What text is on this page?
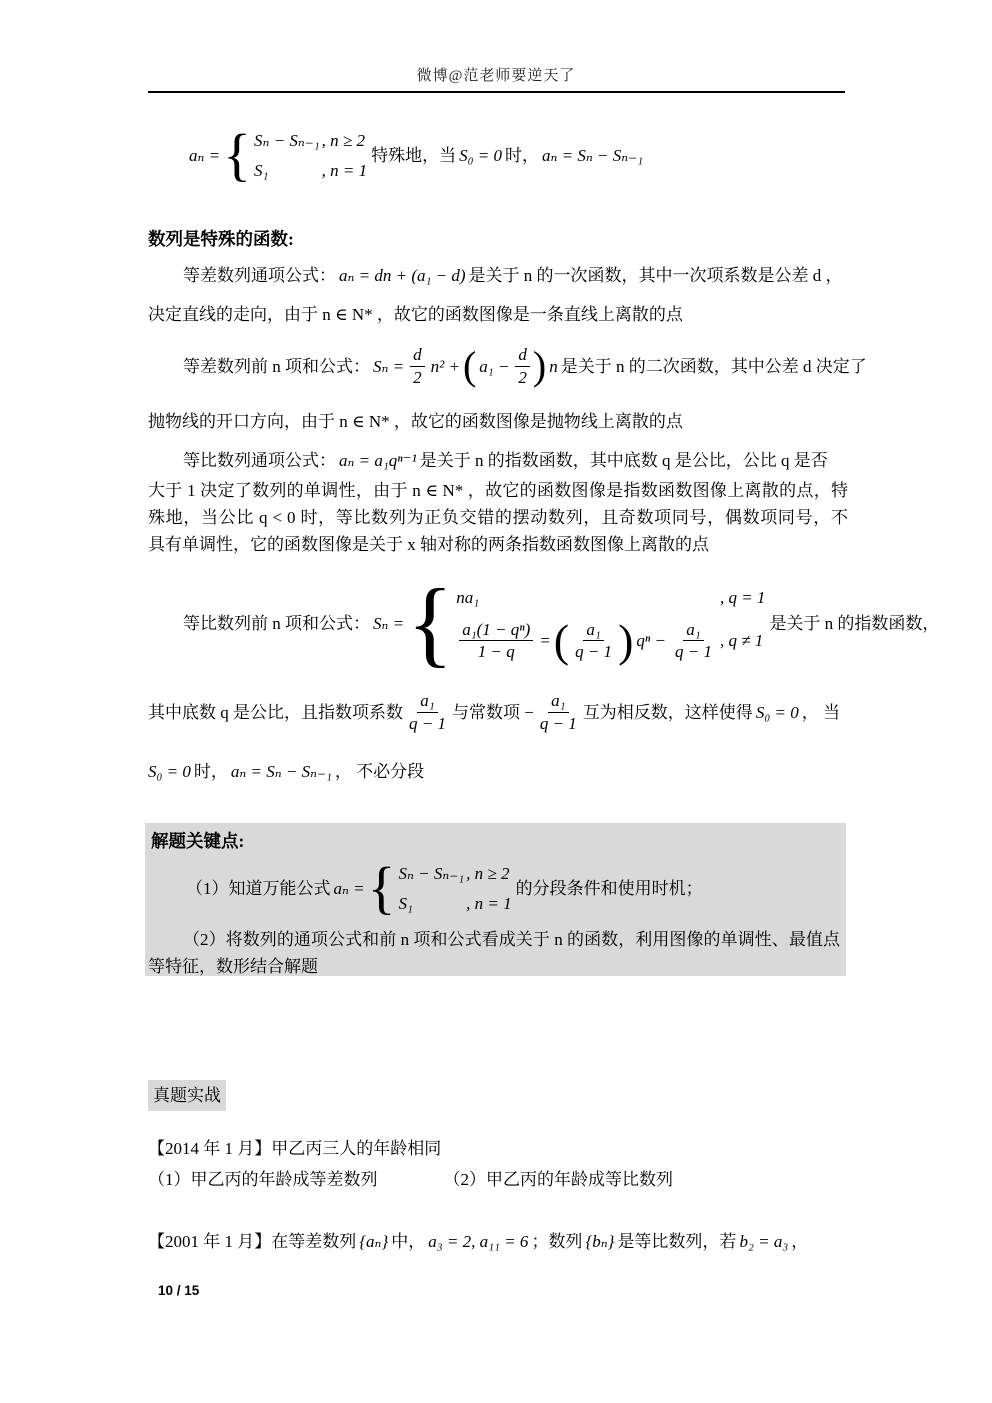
微博@范老师要逆天了
aₙ = { Sₙ − Sₙ₋₁ , n ≥ 2
S₁	, n = 1
特殊地，当 S₀ = 0 时， aₙ = Sₙ − Sₙ₋₁
数列是特殊的函数:
等差数列通项公式： aₙ = dn + (a₁ − d) 是关于 n 的一次函数，其中一次项系数是公差 d ，
决定直线的走向，由于 n ∈ N* ，故它的函数图像是一条直线上离散的点
等差数列前 n 项和公式： $S_n = \frac{d}{2} n^2$ + ( $a_1 - \frac{d}{2}$ ) n 是关于 n 的二次函数，其中公差 d 决定了
抛物线的开口方向，由于 n ∈ N* ，故它的函数图像是抛物线上离散的点
等比数列通项公式： aₙ = a₁qⁿ⁻¹ 是关于 n 的指数函数，其中底数 q 是公比，公比 q 是否
大于 1 决定了数列的单调性，由于 n ∈ N* ，故它的函数图像是指数函数图像上离散的点，特
殊地，当公比 q < 0 时，等比数列为正负交错的摆动数列，且奇数项同号，偶数项同号，不
具有单调性，它的函数图像是关于 x 轴对称的两条指数函数图像上离散的点
等比数列前 n 项和公式： Sₙ = { na₁	, q = 1
$\frac{\text{a₁(1 − qⁿ)}}{1 - q}$ = ( $\frac{\text{a₁}}{q - 1}$ ) $q^n - \frac{\text{a₁}}{q - 1}$ , q ≠ 1
是关于 n 的指数函数，
其中底数 q 是公比，且指数项系数 $\frac{\text{a₁}}{q - 1}$ 与常数项 − $\frac{\text{a₁}}{q - 1}$ 互为相反数，这样使得 S₀ = 0 ， 当
S₀ = 0 时， aₙ = Sₙ − Sₙ₋₁ ， 不必分段
解题关键点:
（1）知道万能公式 aₙ = { Sₙ − Sₙ₋₁ , n ≥ 2
S₁	, n = 1
的分段条件和使用时机；
（2）将数列的通项公式和前 n 项和公式看成关于 n 的函数，利用图像的单调性、最值点等特征，数形结合解题
真题实战
【2014 年 1 月】甲乙丙三人的年龄相同
（1）甲乙丙的年龄成等差数列	（2）甲乙丙的年龄成等比数列
【2001 年 1 月】 在等差数列 {aₙ} 中， a₃ = 2, a₁₁ = 6 ；数列 {bₙ} 是等比数列，若 b₂ = a₃ ，
10 / 15
